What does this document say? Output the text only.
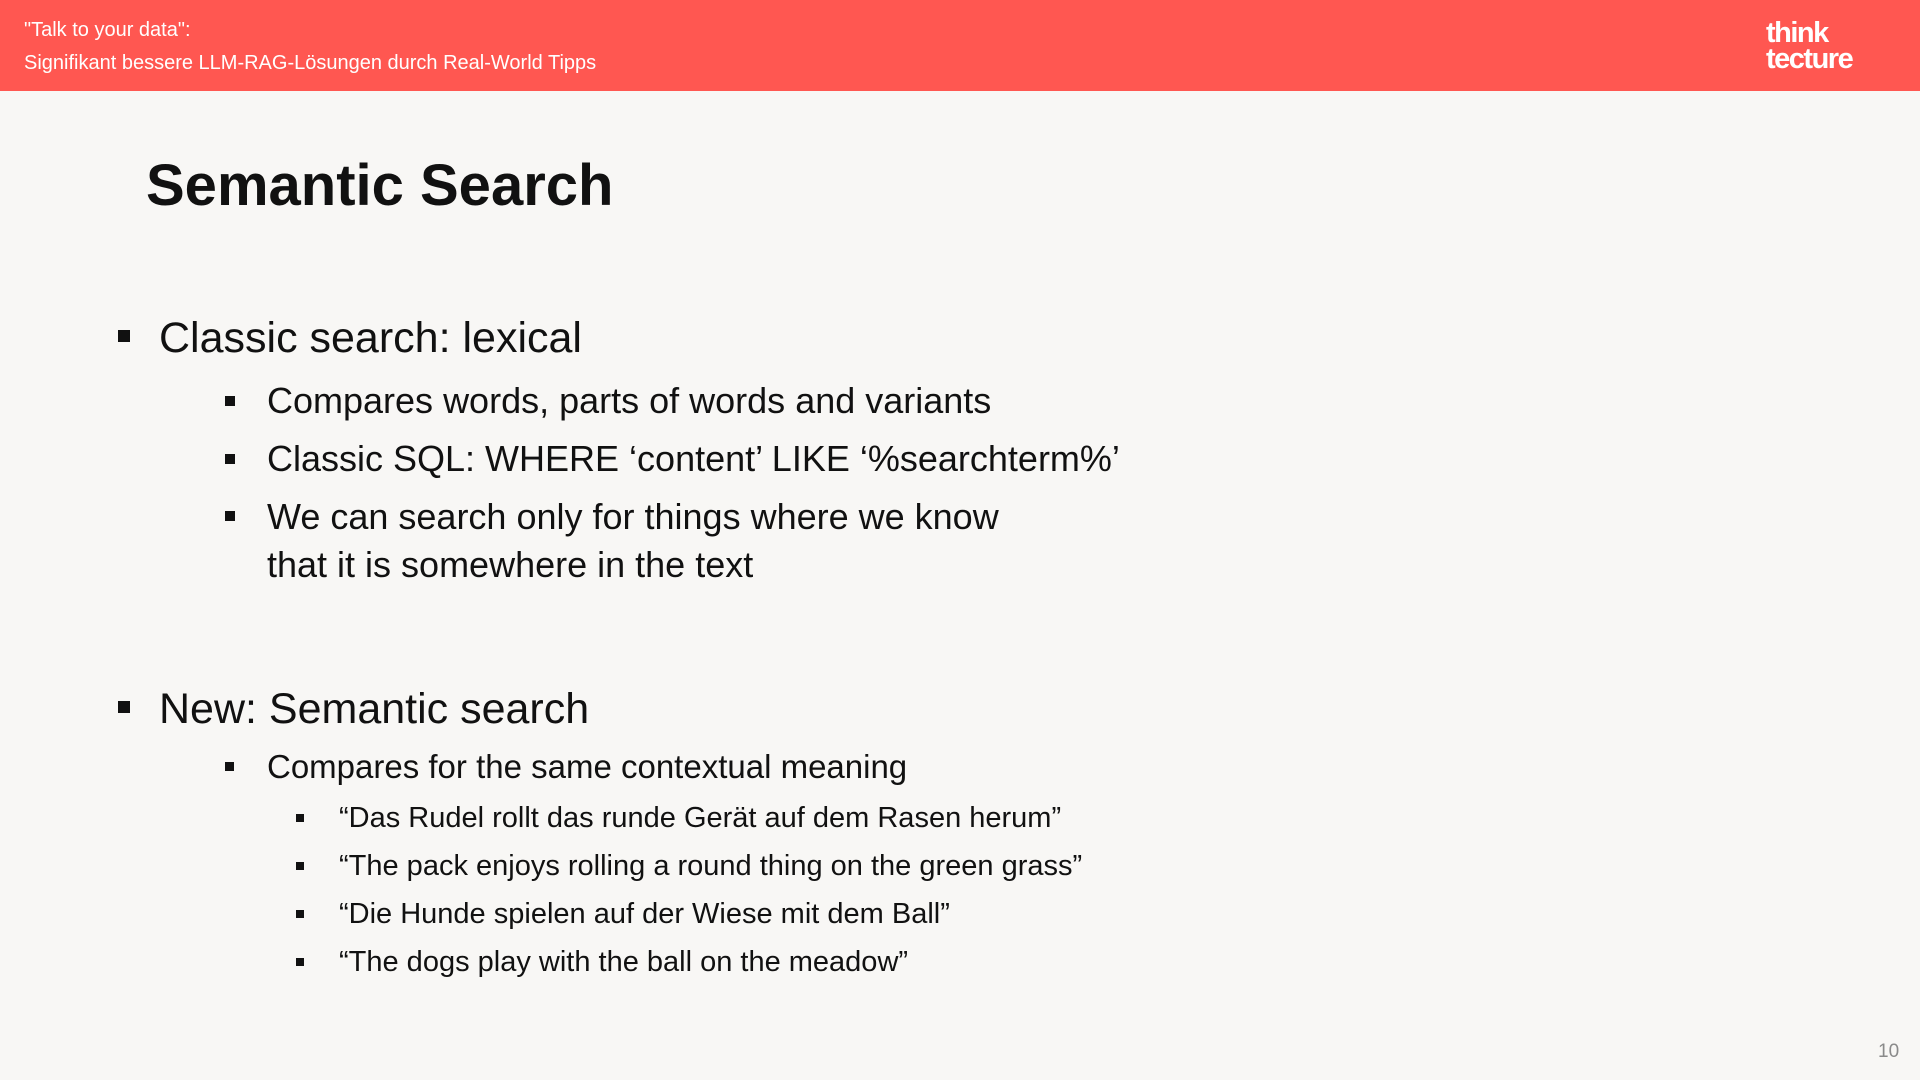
"Talk to your data":
Signifikant bessere LLM-RAG-Lösungen durch Real-World Tipps
think
tecture
Semantic Search
Classic search: lexical
Compares words, parts of words and variants
Classic SQL: WHERE ‘content’ LIKE ‘%searchterm%’
We can search only for things where we know
that it is somewhere in the text
New: Semantic search
Compares for the same contextual meaning
“Das Rudel rollt das runde Gerät auf dem Rasen herum”
“The pack enjoys rolling a round thing on the green grass”
“Die Hunde spielen auf der Wiese mit dem Ball”
“The dogs play with the ball on the meadow”
10
